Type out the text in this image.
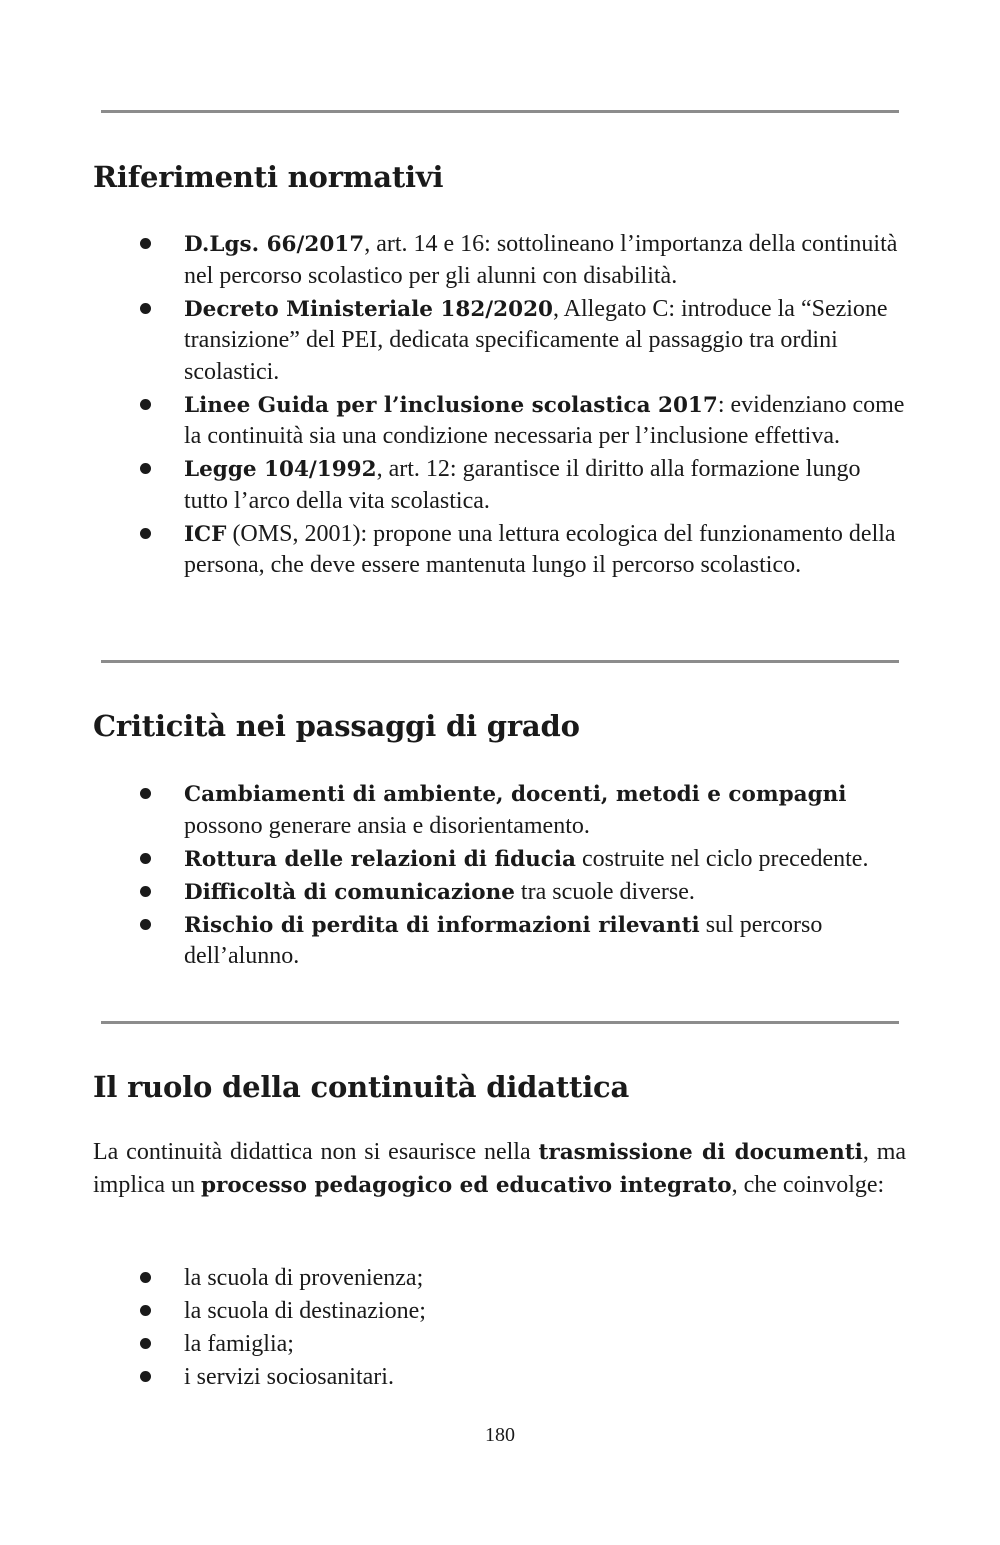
Riferimenti normativi
D.Lgs. 66/2017, art. 14 e 16: sottolineano l’importanza della continuità nel percorso scolastico per gli alunni con disabilità.
Decreto Ministeriale 182/2020, Allegato C: introduce la “Sezione transizione” del PEI, dedicata specificamente al passaggio tra ordini scolastici.
Linee Guida per l’inclusione scolastica 2017: evidenziano come la continuità sia una condizione necessaria per l’inclusione effettiva.
Legge 104/1992, art. 12: garantisce il diritto alla formazione lungo tutto l’arco della vita scolastica.
ICF (OMS, 2001): propone una lettura ecologica del funzionamento della persona, che deve essere mantenuta lungo il percorso scolastico.
Criticità nei passaggi di grado
Cambiamenti di ambiente, docenti, metodi e compagni possono generare ansia e disorientamento.
Rottura delle relazioni di fiducia costruite nel ciclo precedente.
Difficoltà di comunicazione tra scuole diverse.
Rischio di perdita di informazioni rilevanti sul percorso dell’alunno.
Il ruolo della continuità didattica

La continuità didattica non si esaurisce nella trasmissione di documenti, ma implica un processo pedagogico ed educativo integrato, che coinvolge:

la scuola di provenienza;
la scuola di destinazione;
la famiglia;
i servizi sociosanitari.
180
